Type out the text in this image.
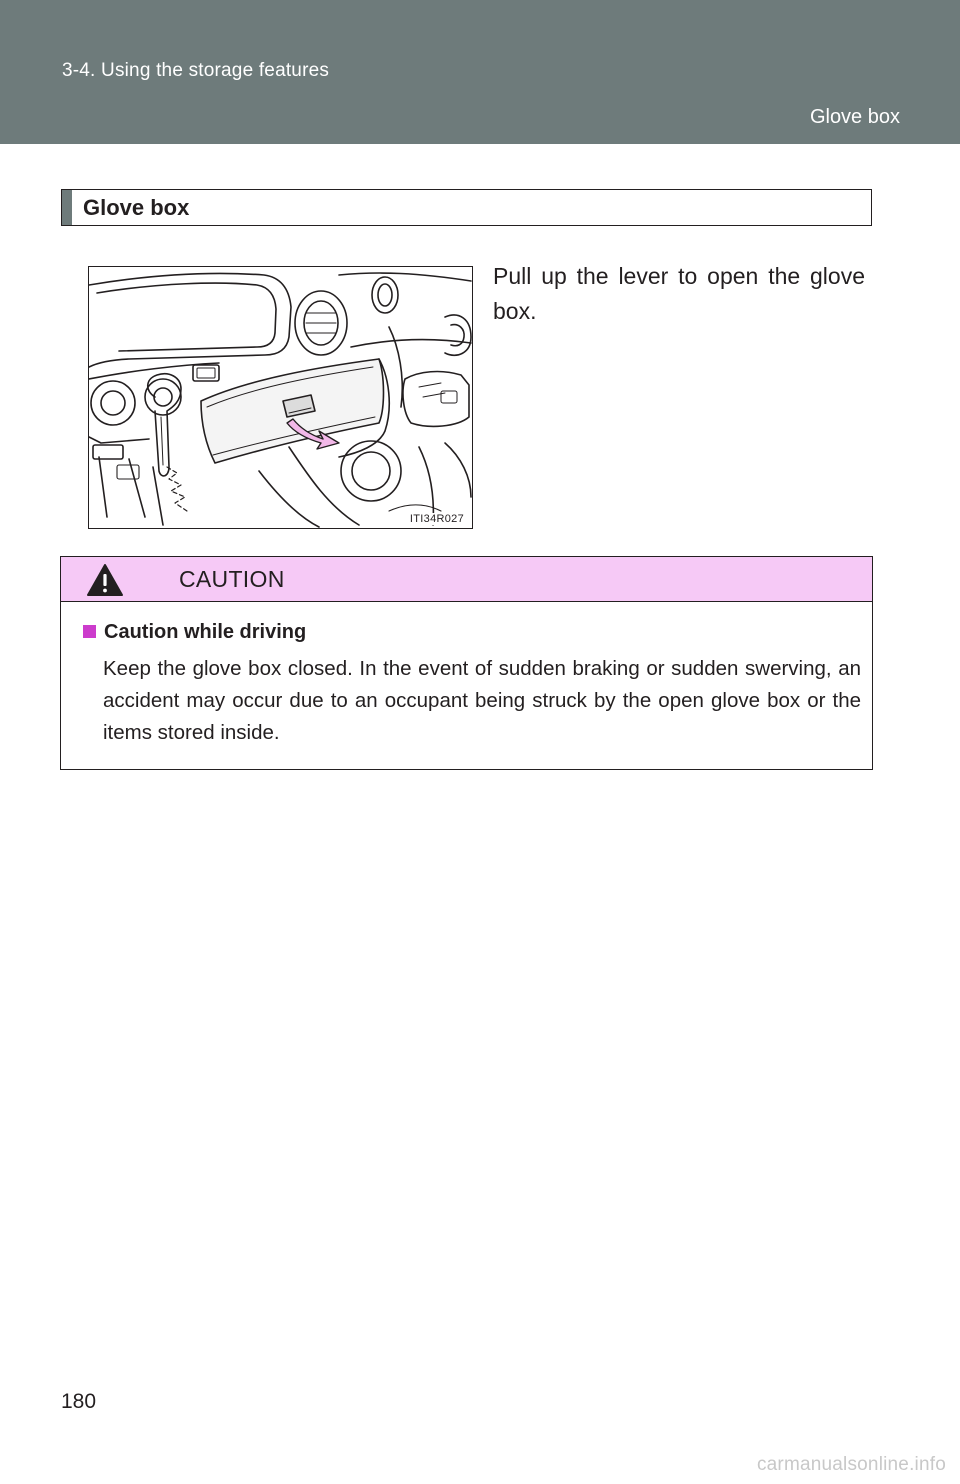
3-4. Using the storage features
Glove box
Glove box
ITI34R027
Pull up the lever to open the glove box.
CAUTION
Caution while driving
Keep the glove box closed. In the event of sudden braking or sudden swerving, an accident may occur due to an occupant being struck by the open glove box or the items stored inside.
180
carmanualsonline.info
